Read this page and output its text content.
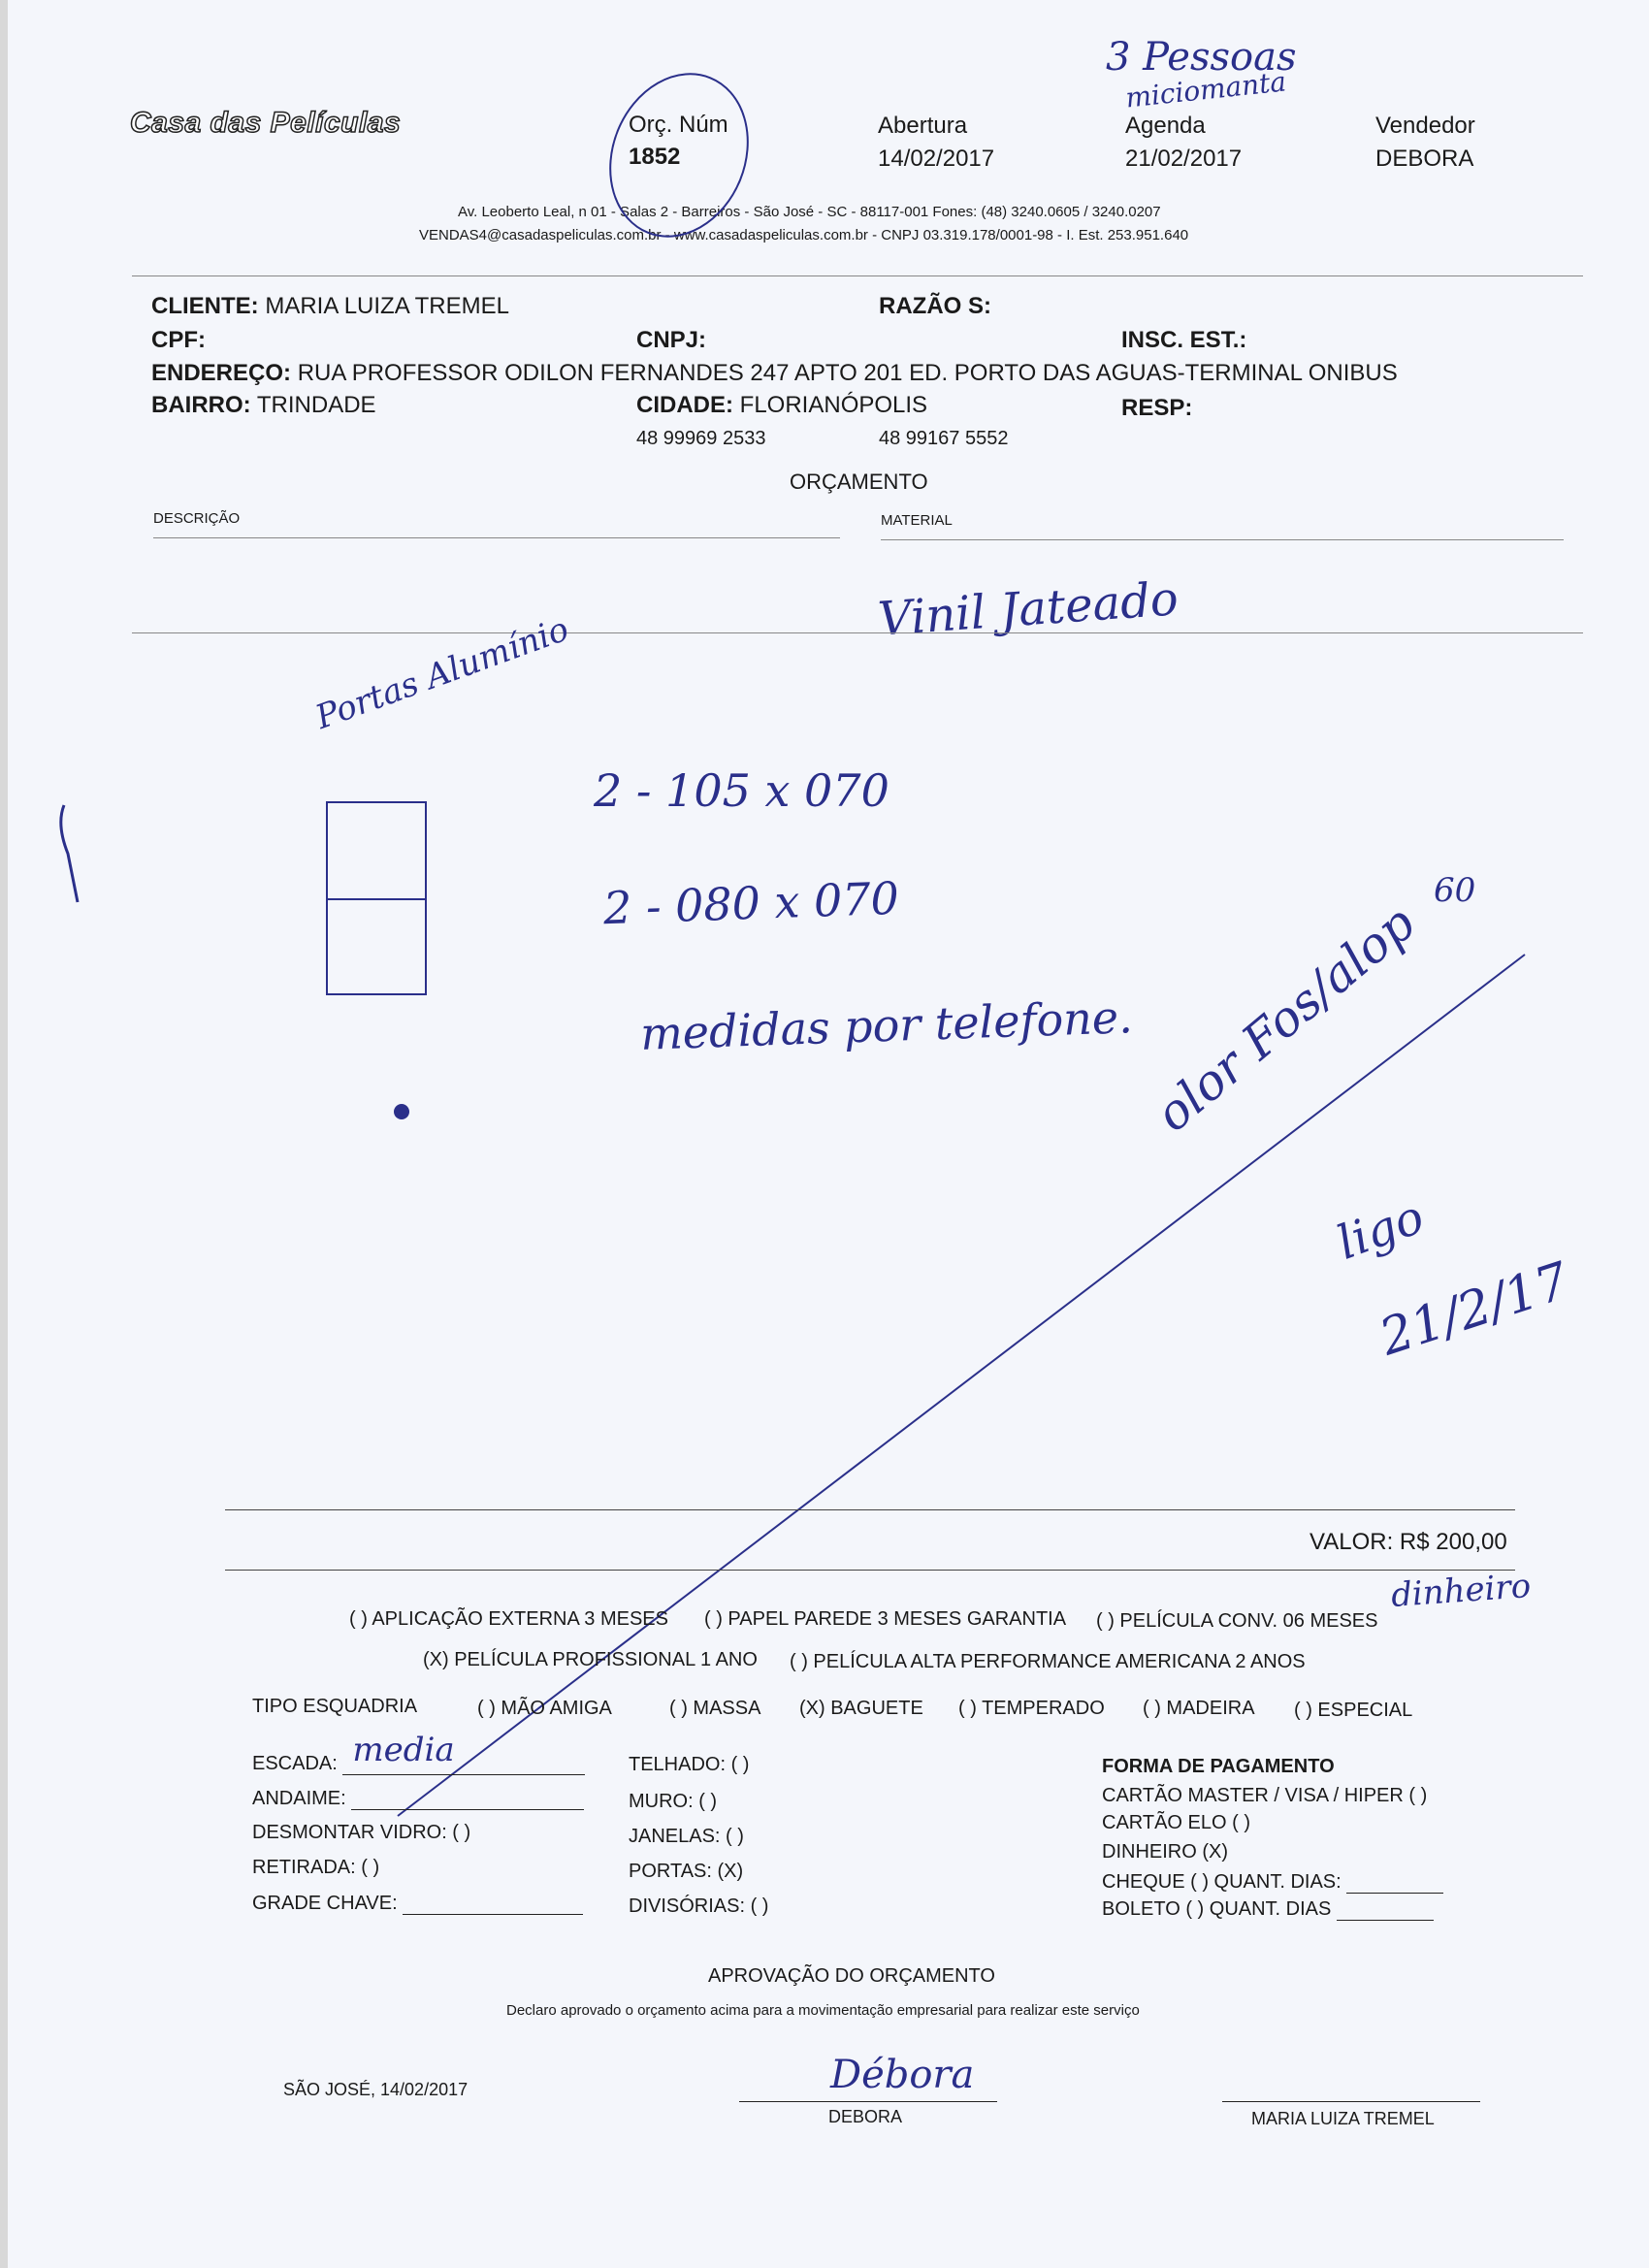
Casa das Películas	Orç. Núm
1852
Abertura
14/02/2017
Agenda
21/02/2017
Vendedor
DEBORA
3 Pessoas
miciomanta
Av. Leoberto Leal, n 01 - Salas 2 - Barreiros - São José - SC - 88117-001 Fones: (48) 3240.0605 / 3240.0207
VENDAS4@casadaspeliculas.com.br - www.casadaspeliculas.com.br - CNPJ 03.319.178/0001-98 - I. Est. 253.951.640
CLIENTE: MARIA LUIZA TREMEL	RAZÃO S:
CPF:	CNPJ:	INSC. EST.:
ENDEREÇO: RUA PROFESSOR ODILON FERNANDES 247 APTO 201 ED. PORTO DAS AGUAS-TERMINAL ONIBUS
BAIRRO: TRINDADE	CIDADE: FLORIANÓPOLIS	RESP:
48 99969 2533	48 99167 5552
ORÇAMENTO
DESCRIÇÃO	MATERIAL
Vinil Jateado
Portas Alumínio
2 - 105 x 070
2 - 080 x 070
medidas por telefone.
60
olor Fos/alop
ligo
21/2/17
VALOR: R$ 200,00
dinheiro
( ) APLICAÇÃO EXTERNA 3 MESES ( ) PAPEL PAREDE 3 MESES GARANTIA ( ) PELÍCULA CONV. 06 MESES
(X) PELÍCULA PROFISSIONAL 1 ANO ( ) PELÍCULA ALTA PERFORMANCE AMERICANA 2 ANOS
TIPO ESQUADRIA	( ) MÃO AMIGA	( ) MASSA (X) BAGUETE ( ) TEMPERADO ( ) MADEIRA ( ) ESPECIAL
ESCADA: media

ANDAIME:
DESMONTAR VIDRO: ( )
RETIRADA: ( )
GRADE CHAVE:
TELHADO: ( )
MURO: ( )
JANELAS: ( )
PORTAS: (X)
DIVISÓRIAS: ( )
FORMA DE PAGAMENTO
CARTÃO MASTER / VISA / HIPER ( )
CARTÃO ELO ( )
DINHEIRO (X)
CHEQUE ( ) QUANT. DIAS:
BOLETO ( ) QUANT. DIAS
APROVAÇÃO DO ORÇAMENTO
Declaro aprovado o orçamento acima para a movimentação empresarial para realizar este serviço
SÃO JOSÉ, 14/02/2017	Débora
DEBORA	MARIA LUIZA TREMEL
